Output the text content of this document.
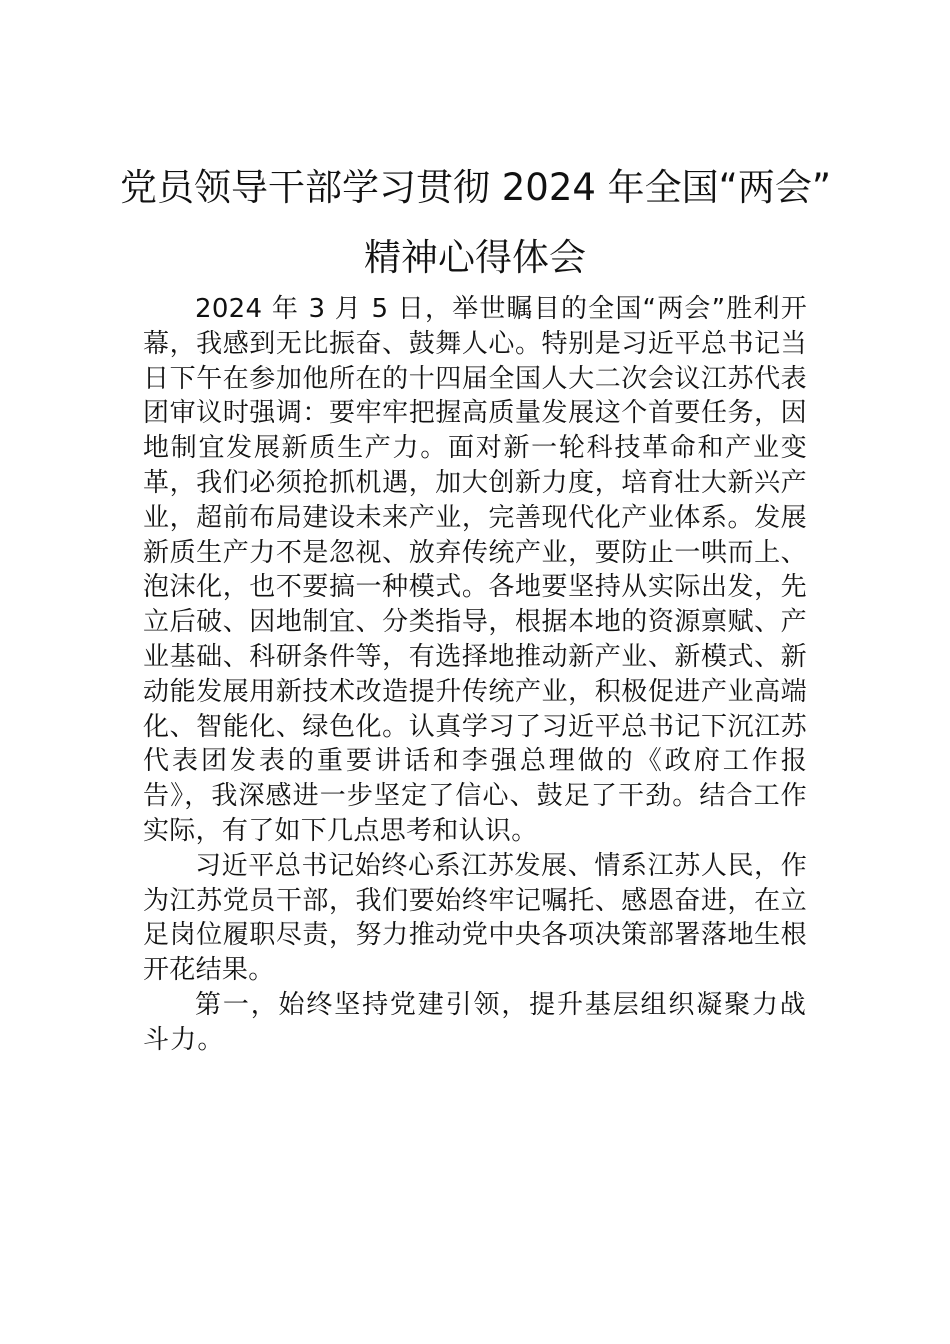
党员领导干部学习贯彻 2024 年全国“两会”
精神心得体会

2024 年 3 月 5 日，举世瞩目的全国“两会”胜利开幕，我感到无比振奋、鼓舞人心。特别是习近平总书记当日下午在参加他所在的十四届全国人大二次会议江苏代表团审议时强调：要牢牢把握高质量发展这个首要任务，因地制宜发展新质生产力。面对新一轮科技革命和产业变革，我们必须抢抓机遇，加大创新力度，培育壮大新兴产业，超前布局建设未来产业，完善现代化产业体系。发展新质生产力不是忽视、放弃传统产业，要防止一哄而上、泡沫化，也不要搞一种模式。各地要坚持从实际出发，先立后破、因地制宜、分类指导，根据本地的资源禀赋、产业基础、科研条件等，有选择地推动新产业、新模式、新动能发展用新技术改造提升传统产业，积极促进产业高端化、智能化、绿色化。认真学习了习近平总书记下沉江苏代表团发表的重要讲话和李强总理做的《政府工作报告》，我深感进一步坚定了信心、鼓足了干劲。结合工作实际，有了如下几点思考和认识。

习近平总书记始终心系江苏发展、情系江苏人民，作为江苏党员干部，我们要始终牢记嘱托、感恩奋进，在立足岗位履职尽责，努力推动党中央各项决策部署落地生根开花结果。

第一，始终坚持党建引领，提升基层组织凝聚力战斗力。
